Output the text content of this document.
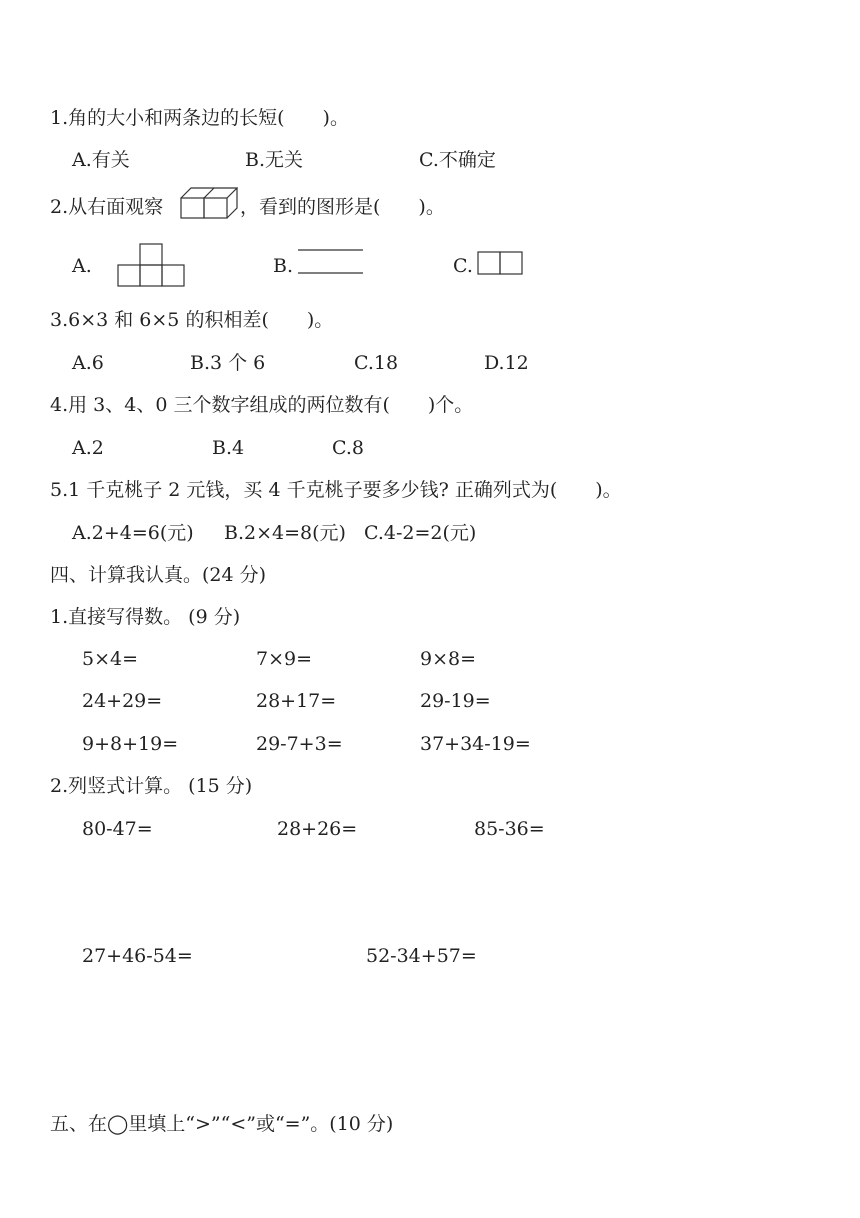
1.角的大小和两条边的长短(　　)。
A.有关	B.无关	C.不确定
2.从右面观察	，看到的图形是(　　)。
A.	B.	C.
3.6×3 和 6×5 的积相差(　　)。
A.6	B.3 个 6	C.18	D.12
4.用 3、4、0 三个数字组成的两位数有(　　)个。
A.2	B.4	C.8
5.1 千克桃子 2 元钱，买 4 千克桃子要多少钱? 正确列式为(　　)。
A.2+4=6(元) B.2×4=8(元) C.4-2=2(元)
四、计算我认真。(24 分)
1.直接写得数。 (9 分)
5×4=	7×9=	9×8=
24+29=	28+17=	29-19=
9+8+19=	29-7+3=	37+34-19=
2.列竖式计算。 (15 分)
80-47=	28+26=	85-36=
27+46-54=	52-34+57=
五、在◯里填上“>”“<”或“=”。(10 分)
